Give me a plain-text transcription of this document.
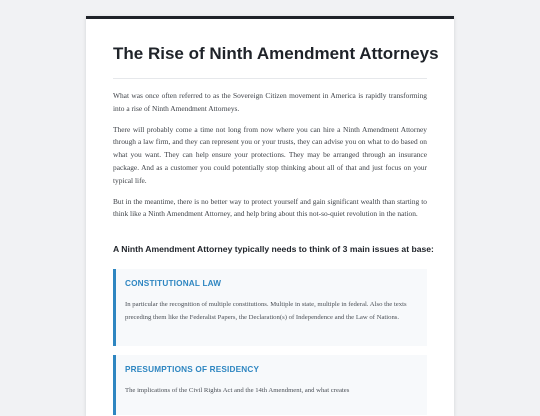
The Rise of Ninth Amendment Attorneys

What was once often referred to as the Sovereign Citizen movement in America is rapidly transforming into a rise of Ninth Amendment Attorneys.

There will probably come a time not long from now where you can hire a Ninth Amendment Attorney through a law firm, and they can represent you or your trusts, they can advise you on what to do based on what you want. They can help ensure your protections. They may be arranged through an insurance package. And as a customer you could potentially stop thinking about all of that and just focus on your typical life.

But in the meantime, there is no better way to protect yourself and gain significant wealth than starting to think like a Ninth Amendment Attorney, and help bring about this not-so-quiet revolution in the nation.

A Ninth Amendment Attorney typically needs to think of 3 main issues at base:
CONSTITUTIONAL LAW

In particular the recognition of multiple constitutions. Multiple in state, multiple in federal. Also the texts preceding them like the Federalist Papers, the Declaration(s) of Independence and the Law of Nations.

PRESUMPTIONS OF RESIDENCY

The implications of the Civil Rights Act and the 14th Amendment, and what creates
